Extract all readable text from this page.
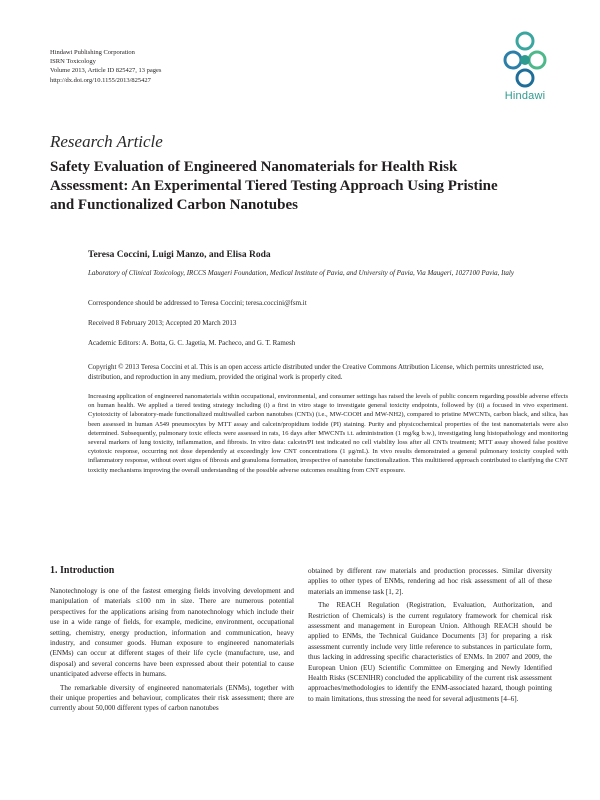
Hindawi Publishing Corporation
ISRN Toxicology
Volume 2013, Article ID 825427, 13 pages
http://dx.doi.org/10.1155/2013/825427
Hindawi
Research Article
Safety Evaluation of Engineered Nanomaterials for Health Risk Assessment: An Experimental Tiered Testing Approach Using Pristine and Functionalized Carbon Nanotubes
Teresa Coccini, Luigi Manzo, and Elisa Roda
Laboratory of Clinical Toxicology, IRCCS Maugeri Foundation, Medical Institute of Pavia, and University of Pavia, Via Maugeri, 1027100 Pavia, Italy
Correspondence should be addressed to Teresa Coccini; teresa.coccini@fsm.it
Received 8 February 2013; Accepted 20 March 2013
Academic Editors: A. Botta, G. C. Jagetia, M. Pacheco, and G. T. Ramesh
Copyright © 2013 Teresa Coccini et al. This is an open access article distributed under the Creative Commons Attribution License, which permits unrestricted use, distribution, and reproduction in any medium, provided the original work is properly cited.
Increasing application of engineered nanomaterials within occupational, environmental, and consumer settings has raised the levels of public concern regarding possible adverse effects on human health. We applied a tiered testing strategy including (i) a first in vitro stage to investigate general toxicity endpoints, followed by (ii) a focused in vivo experiment. Cytotoxicity of laboratory-made functionalized multiwalled carbon nanotubes (CNTs) (i.e., MW-COOH and MW-NH2), compared to pristine MWCNTs, carbon black, and silica, has been assessed in human A549 pneumocytes by MTT assay and calcein/propidium iodide (PI) staining. Purity and physicochemical properties of the test nanomaterials were also determined. Subsequently, pulmonary toxic effects were assessed in rats, 16 days after MWCNTs i.t. administration (1 mg/kg b.w.), investigating lung histopathology and monitoring several markers of lung toxicity, inflammation, and fibrosis. In vitro data: calcein/PI test indicated no cell viability loss after all CNTs treatment; MTT assay showed false positive cytotoxic response, occurring not dose dependently at exceedingly low CNT concentrations (1 μg/mL). In vivo results demonstrated a general pulmonary toxicity coupled with inflammatory response, without overt signs of fibrosis and granuloma formation, irrespective of nanotube functionalization. This multitiered approach contributed to clarifying the CNT toxicity mechanisms improving the overall understanding of the possible adverse outcomes resulting from CNT exposure.
1. Introduction

Nanotechnology is one of the fastest emerging fields involving development and manipulation of materials ≤100 nm in size. There are numerous potential perspectives for the applications arising from nanotechnology which include their use in a wide range of fields, for example, medicine, environment, occupational setting, chemistry, energy production, information and communication, heavy industry, and consumer goods. Human exposure to engineered nanomaterials (ENMs) can occur at different stages of their life cycle (manufacture, use, and disposal) and several concerns have been expressed about their potential to cause unanticipated adverse effects in humans.

The remarkable diversity of engineered nanomaterials (ENMs), together with their unique properties and behaviour, complicates their risk assessment; there are currently about 50,000 different types of carbon nanotubes

obtained by different raw materials and production processes. Similar diversity applies to other types of ENMs, rendering ad hoc risk assessment of all of these materials an immense task [1, 2].

The REACH Regulation (Registration, Evaluation, Authorization, and Restriction of Chemicals) is the current regulatory framework for chemical risk assessment and management in European Union. Although REACH should be applied to ENMs, the Technical Guidance Documents [3] for preparing a risk assessment currently include very little reference to substances in particulate form, thus lacking in addressing specific characteristics of ENMs. In 2007 and 2009, the European Union (EU) Scientific Committee on Emerging and Newly Identified Health Risks (SCENIHR) concluded the applicability of the current risk assessment approaches/methodologies to identify the ENM-associated hazard, though pointing to main limitations, thus stressing the need for several adjustments [4–6].
